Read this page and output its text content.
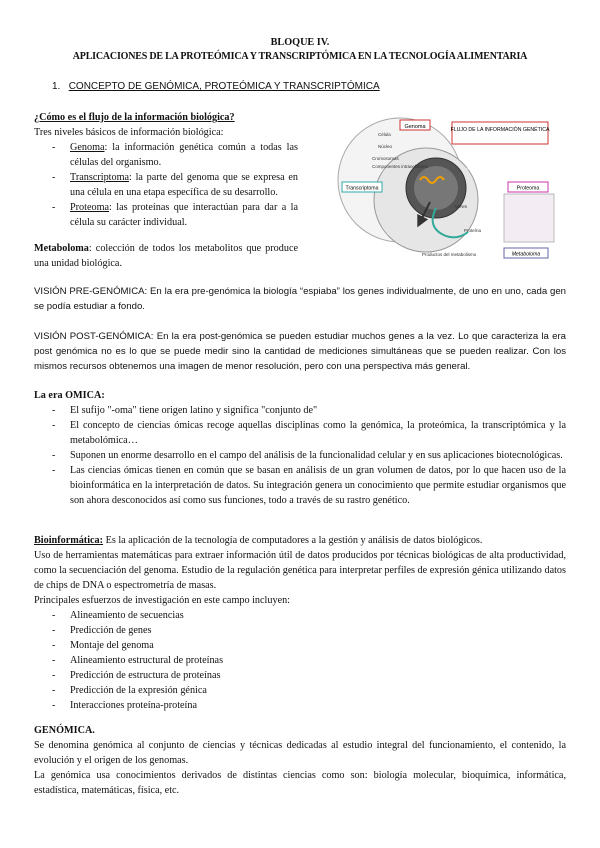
BLOQUE IV.
APLICACIONES DE LA PROTEÓMICA Y TRANSCRIPTÓMICA EN LA TECNOLOGÍA ALIMENTARIA
1. CONCEPTO DE GENÓMICA, PROTEÓMICA Y TRANSCRIPTÓMICA
¿Cómo es el flujo de la información biológica?
Tres niveles básicos de información biológica:
- Genoma: la información genética común a todas las células del organismo.
- Transcriptoma: la parte del genoma que se expresa en una célula en una etapa específica de su desarrollo.
- Proteoma: las proteínas que interactúan para dar a la célula su carácter individual.
Metaboloma: colección de todos los metabolitos que produce una unidad biológica.
Genoma	FLUJO DE LA INFORMACIÓN GENÉTICA
Transcriptoma	Proteoma
Metaboloma
Célula
Núcleo
Cromosomas
Componentes intracelulares	ADN
ARNm
Proteína
Productos del metabolismo
VISIÓN PRE-GENÓMICA: En la era pre-genómica la biología “espiaba” los genes individualmente, de uno en uno, cada gen se podía estudiar a fondo.
VISIÓN POST-GENÓMICA: En la era post-genómica se pueden estudiar muchos genes a la vez. Lo que caracteriza la era post genómica no es lo que se puede medir sino la cantidad de mediciones simultáneas que se pueden realizar. Con los mismos recursos obtenemos una imagen de menor resolución, pero con una perspectiva más general.
La era OMICA:
- El sufijo "-oma" tiene origen latino y significa "conjunto de"
- El concepto de ciencias ómicas recoge aquellas disciplinas como la genómica, la proteómica, la transcriptómica y la metabolómica…
- Suponen un enorme desarrollo en el campo del análisis de la funcionalidad celular y en sus aplicaciones biotecnológicas.
- Las ciencias ómicas tienen en común que se basan en análisis de un gran volumen de datos, por lo que hacen uso de la bioinformática en la interpretación de datos. Su integración genera un conocimiento que permite estudiar organismos que son ahora desconocidos así como sus funciones, todo a través de su rastro genético.
Bioinformática: Es la aplicación de la tecnología de computadores a la gestión y análisis de datos biológicos.
Uso de herramientas matemáticas para extraer información útil de datos producidos por técnicas biológicas de alta productividad, como la secuenciación del genoma. Estudio de la regulación genética para interpretar perfiles de expresión génica utilizando datos de chips de DNA o espectrometría de masas.
Principales esfuerzos de investigación en este campo incluyen:
- Alineamiento de secuencias
- Predicción de genes
- Montaje del genoma
- Alineamiento estructural de proteínas
- Predicción de estructura de proteínas
- Predicción de la expresión génica
- Interacciones proteína-proteína
GENÓMICA.
Se denomina genómica al conjunto de ciencias y técnicas dedicadas al estudio integral del funcionamiento, el contenido, la evolución y el origen de los genomas.
La genómica usa conocimientos derivados de distintas ciencias como son: biología molecular, bioquímica, informática, estadística, matemáticas, física, etc.
